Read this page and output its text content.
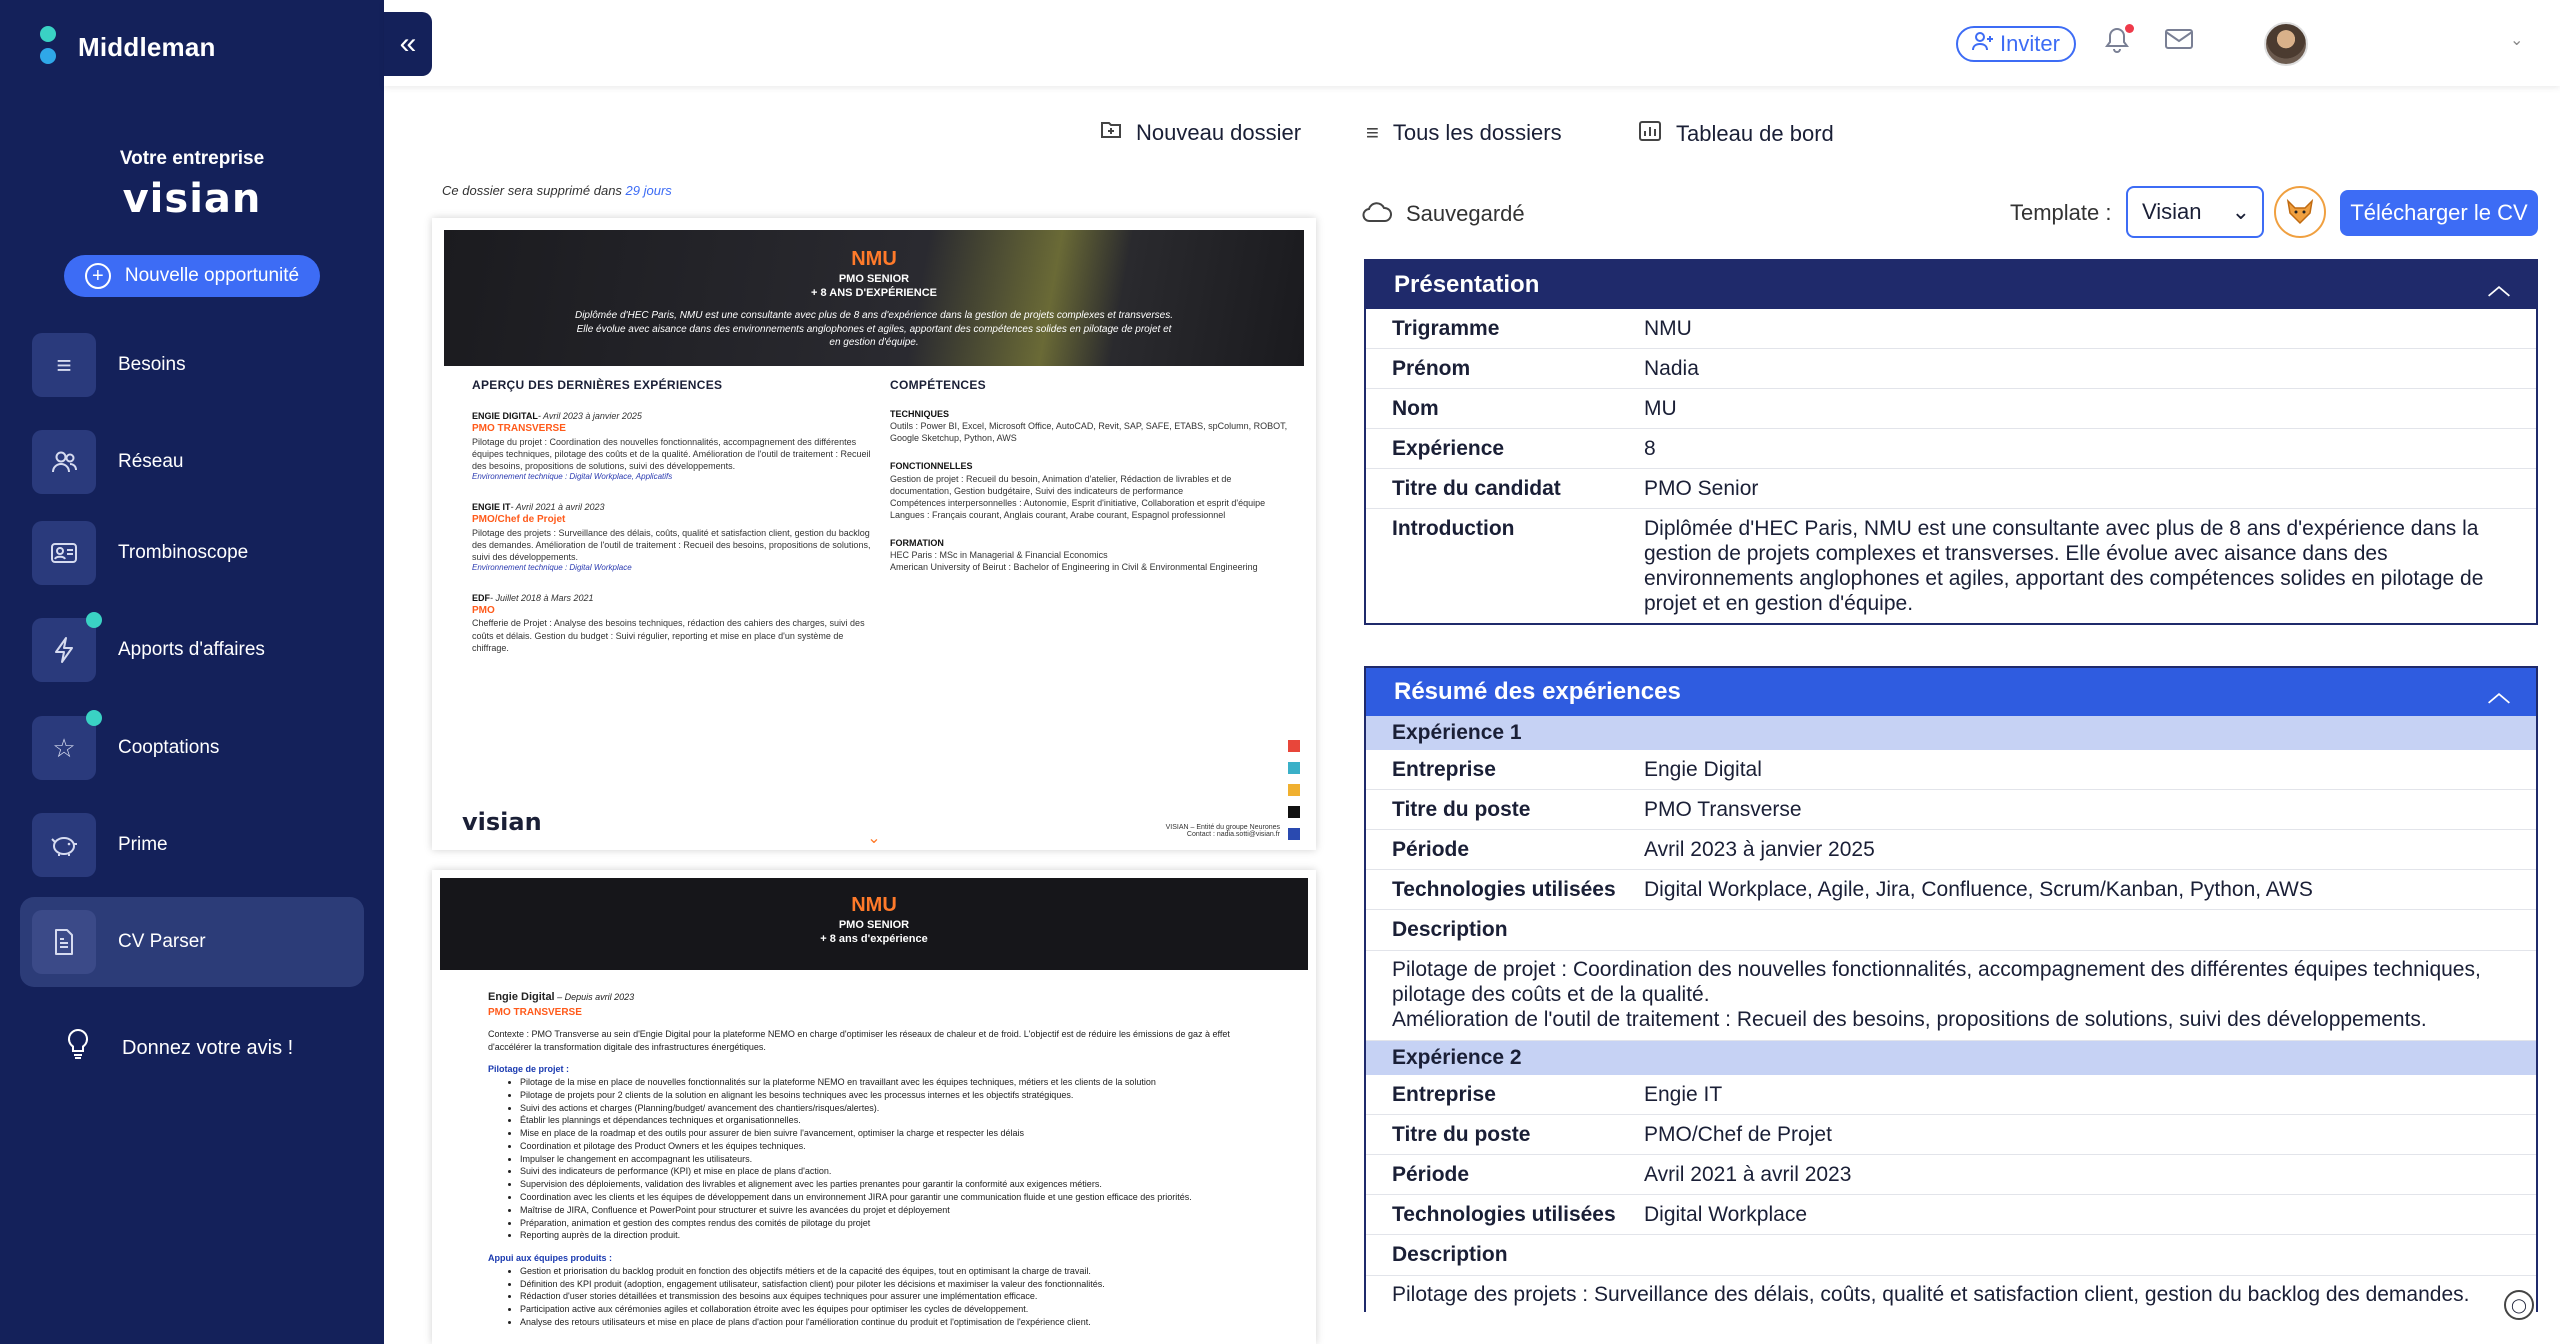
Middleman
Votre entreprise
visian
+	Nouvelle opportunité
≡	Besoins
Réseau
Trombinoscope
Apports d'affaires
☆	Cooptations
Prime
CV Parser
Donnez votre avis !
«	Inviter	⌄
Nouveau dossier	≡ Tous les dossiers	Tableau de bord
Ce dossier sera supprimé dans 29 jours
NMU
PMO SENIOR
+ 8 ANS D'EXPÉRIENCE
Diplômée d'HEC Paris, NMU est une consultante avec plus de 8 ans d'expérience dans la gestion de projets complexes et transverses. Elle évolue avec aisance dans des environnements anglophones et agiles, apportant des compétences solides en pilotage de projet et en gestion d'équipe.
APERÇU DES DERNIÈRES EXPÉRIENCES
ENGIE DIGITAL- Avril 2023 à janvier 2025
PMO TRANSVERSE
Pilotage du projet : Coordination des nouvelles fonctionnalités, accompagnement des différentes équipes techniques, pilotage des coûts et de la qualité. Amélioration de l'outil de traitement : Recueil des besoins, propositions de solutions, suivi des développements.
Environnement technique : Digital Workplace, Applicatifs
ENGIE IT- Avril 2021 à avril 2023
PMO/Chef de Projet
Pilotage des projets : Surveillance des délais, coûts, qualité et satisfaction client, gestion du backlog des demandes. Amélioration de l'outil de traitement : Recueil des besoins, propositions de solutions, suivi des développements.
Environnement technique : Digital Workplace
EDF- Juillet 2018 à Mars 2021
PMO
Chefferie de Projet : Analyse des besoins techniques, rédaction des cahiers des charges, suivi des coûts et délais. Gestion du budget : Suivi régulier, reporting et mise en place d'un système de chiffrage.
COMPÉTENCES
TECHNIQUES
Outils : Power BI, Excel, Microsoft Office, AutoCAD, Revit, SAP, SAFE, ETABS, spColumn, ROBOT, Google Sketchup, Python, AWS
FONCTIONNELLES
Gestion de projet : Recueil du besoin, Animation d'atelier, Rédaction de livrables et de documentation, Gestion budgétaire, Suivi des indicateurs de performance
Compétences interpersonnelles : Autonomie, Esprit d'initiative, Collaboration et esprit d'équipe
Langues : Français courant, Anglais courant, Arabe courant, Espagnol professionnel
FORMATION
HEC Paris : MSc in Managerial & Financial Economics
American University of Beirut : Bachelor of Engineering in Civil & Environmental Engineering
visian	VISIAN – Entité du groupe Neurones
Contact : nadia.sotti@visian.fr
⌄
NMU
PMO SENIOR
+ 8 ans d'expérience
Engie Digital – Depuis avril 2023
PMO TRANSVERSE
Contexte : PMO Transverse au sein d'Engie Digital pour la plateforme NEMO en charge d'optimiser les réseaux de chaleur et de froid. L'objectif est de réduire les émissions de gaz à effet d'accélérer la transformation digitale des infrastructures énergétiques.
Pilotage de projet :
• Pilotage de la mise en place de nouvelles fonctionnalités sur la plateforme NEMO en travaillant avec les équipes techniques, métiers et les clients de la solution
• Pilotage de projets pour 2 clients de la solution en alignant les besoins techniques avec les processus internes et les objectifs stratégiques.
• Suivi des actions et charges (Planning/budget/ avancement des chantiers/risques/alertes).
• Établir les plannings et dépendances techniques et organisationnelles.
• Mise en place de la roadmap et des outils pour assurer de bien suivre l'avancement, optimiser la charge et respecter les délais
• Coordination et pilotage des Product Owners et les équipes techniques.
• Impulser le changement en accompagnant les utilisateurs.
• Suivi des indicateurs de performance (KPI) et mise en place de plans d'action.
• Supervision des déploiements, validation des livrables et alignement avec les parties prenantes pour garantir la conformité aux exigences métiers.
• Coordination avec les clients et les équipes de développement dans un environnement JIRA pour garantir une communication fluide et une gestion efficace des priorités.
• Maîtrise de JIRA, Confluence et PowerPoint pour structurer et suivre les avancées du projet et déployement
• Préparation, animation et gestion des comptes rendus des comités de pilotage du projet
• Reporting auprès de la direction produit.
Appui aux équipes produits :
• Gestion et priorisation du backlog produit en fonction des objectifs métiers et de la capacité des équipes, tout en optimisant la charge de travail.
• Définition des KPI produit (adoption, engagement utilisateur, satisfaction client) pour piloter les décisions et maximiser la valeur des fonctionnalités.
• Rédaction d'user stories détaillées et transmission des besoins aux équipes techniques pour assurer une implémentation efficace.
• Participation active aux cérémonies agiles et collaboration étroite avec les équipes pour optimiser les cycles de développement.
• Analyse des retours utilisateurs et mise en place de plans d'action pour l'amélioration continue du produit et l'optimisation de l'expérience client.
Sauvegardé	Template : Visian ⌄	Télécharger le CV
Présentation	︿
Trigramme	NMU
Prénom	Nadia
Nom	MU
Expérience	8
Titre du candidat	PMO Senior
Introduction	Diplômée d'HEC Paris, NMU est une consultante avec plus de 8 ans d'expérience dans la gestion de projets complexes et transverses. Elle évolue avec aisance dans des environnements anglophones et agiles, apportant des compétences solides en pilotage de projet et en gestion d'équipe.
Résumé des expériences	︿
Expérience 1
Entreprise	Engie Digital
Titre du poste	PMO Transverse
Période	Avril 2023 à janvier 2025
Technologies utilisées	Digital Workplace, Agile, Jira, Confluence, Scrum/Kanban, Python, AWS
Description
Pilotage de projet : Coordination des nouvelles fonctionnalités, accompagnement des différentes équipes techniques, pilotage des coûts et de la qualité.
Amélioration de l'outil de traitement : Recueil des besoins, propositions de solutions, suivi des développements.
Expérience 2
Entreprise	Engie IT
Titre du poste	PMO/Chef de Projet
Période	Avril 2021 à avril 2023
Technologies utilisées	Digital Workplace
Description
Pilotage des projets : Surveillance des délais, coûts, qualité et satisfaction client, gestion du backlog des demandes.	◯
